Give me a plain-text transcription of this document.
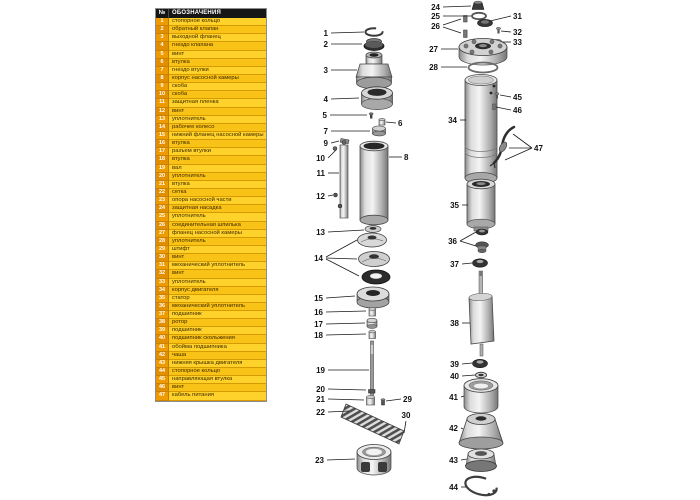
№	ОБОЗНАЧЕНИЯ
1	стопорное кольцо
2	обратный клапан
3	выходной фланец
4	гнездо клапана
5	винт
6	втулка
7	гнездо втулки
8	корпус насосной камеры
9	скоба
10	скоба
11	защитная пленка
12	винт
13	уплотнитель
14	рабочее колесо
15	нижний фланец насосной камеры
16	втулка
17	разъем втулки
18	втулка
19	вал
20	уплотнитель
21	втулка
22	сетка
23	опора насосной части
24	защитная насадка
25	уплотнитель
26	соединительная шпилька
27	фланец насосной камеры
28	уплотнитель
29	штифт
30	винт
31	механический уплотнитель
32	винт
33	уплотнитель
34	корпус двигателя
35	статор
36	механический уплотнитель
37	подшипник
38	ротор
39	подшипник
40	подшипник скольжения
41	обойма подшипника
42	чаша
43	нижняя крышка двигателя
44	стопорное кольцо
45	направляющая втулка
46	винт
47	кабель питания
1
2
3
4
5
6
7
9
10	8
11
12
13
14
15
16
17
18
19
20
21	29
22	30
23
24
25
26
31
32
33
27
28
45
46
34
47
35
36
37
38
39
40
41
42
43
44
